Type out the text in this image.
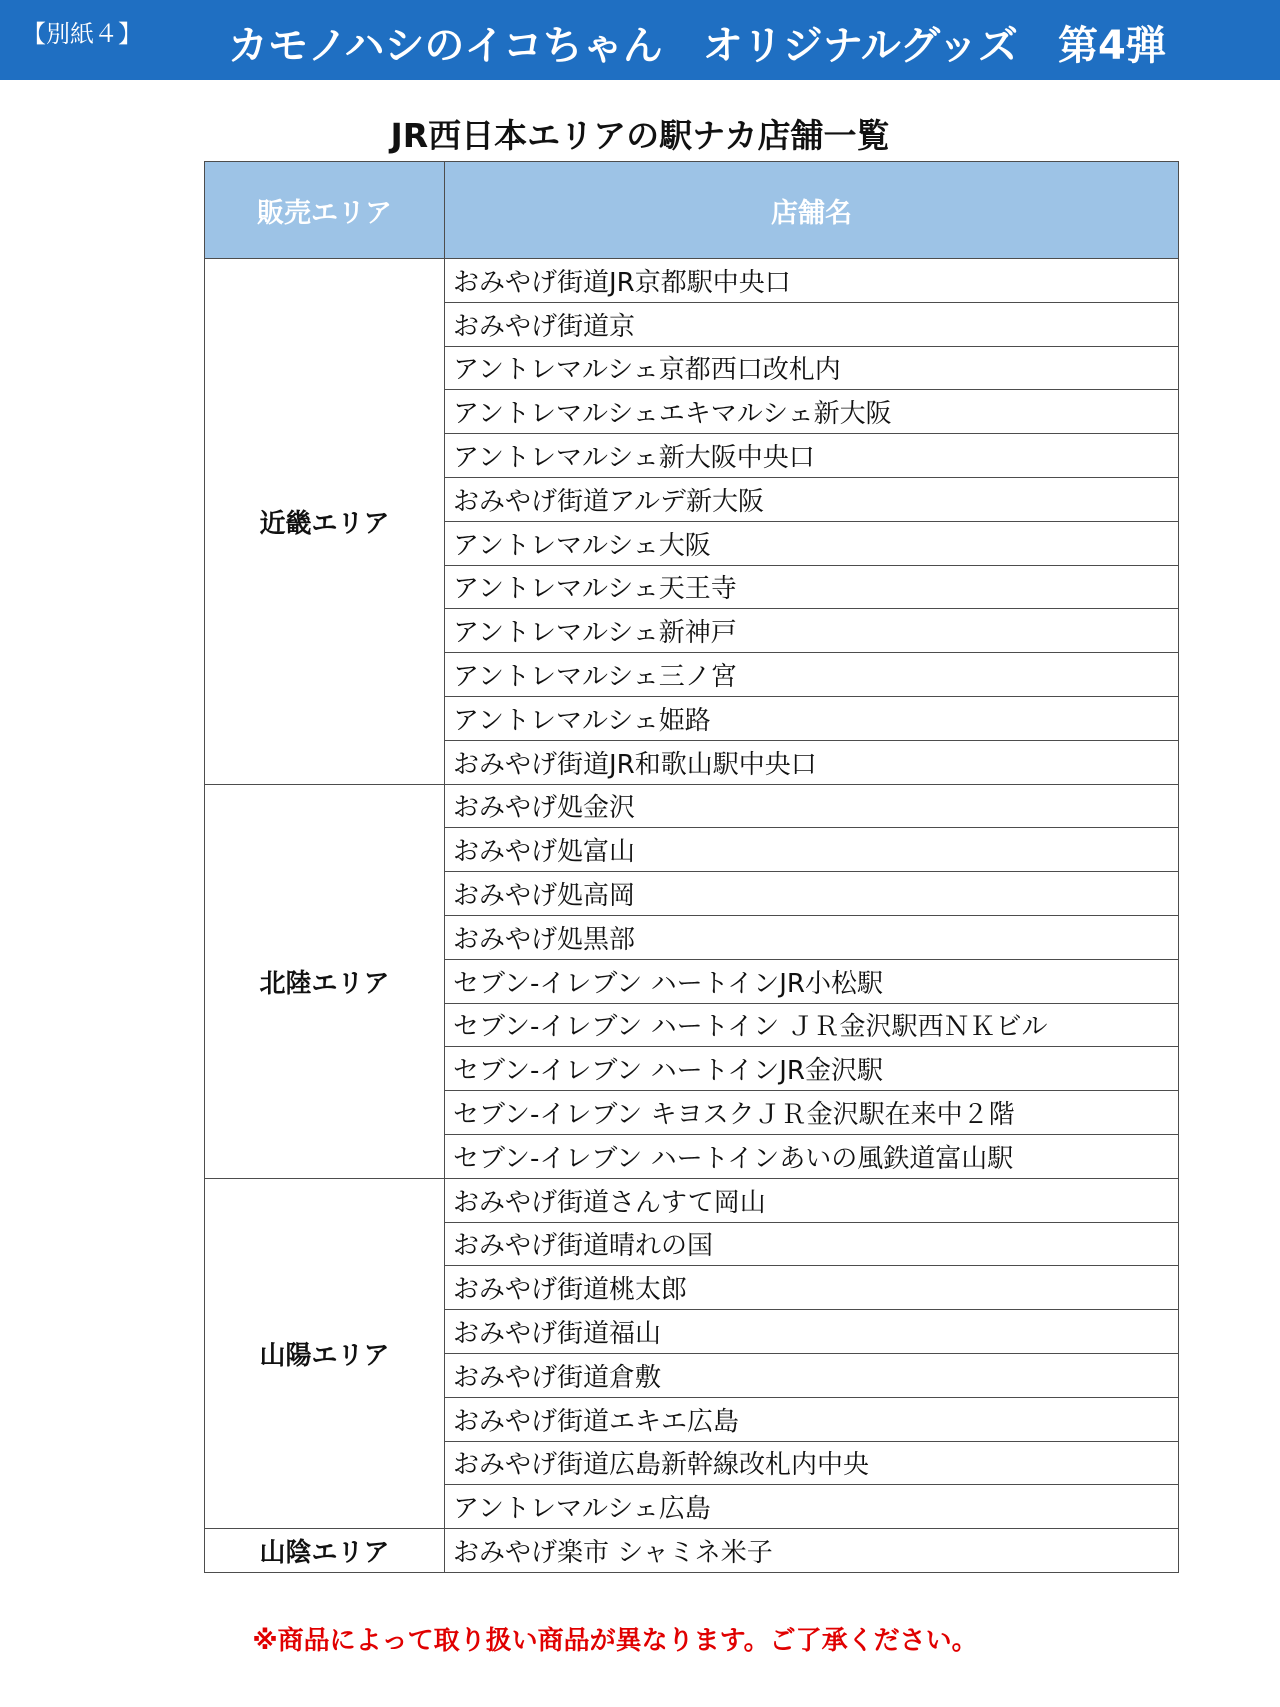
【別紙４】 カモノハシのイコちゃん　オリジナルグッズ　第4弾
JR西日本エリアの駅ナカ店舗一覧
販売エリア	店舗名
近畿エリア	おみやげ街道JR京都駅中央口
	おみやげ街道京
	アントレマルシェ京都西口改札内
	アントレマルシェエキマルシェ新大阪
	アントレマルシェ新大阪中央口
	おみやげ街道アルデ新大阪
	アントレマルシェ大阪
	アントレマルシェ天王寺
	アントレマルシェ新神戸
	アントレマルシェ三ノ宮
	アントレマルシェ姫路
	おみやげ街道JR和歌山駅中央口
北陸エリア	おみやげ処金沢
	おみやげ処富山
	おみやげ処高岡
	おみやげ処黒部
	セブン-イレブン ハートインJR小松駅
	セブン-イレブン ハートイン ＪＲ金沢駅西ＮＫビル
	セブン-イレブン ハートインJR金沢駅
	セブン-イレブン キヨスクＪＲ金沢駅在来中２階
	セブン-イレブン ハートインあいの風鉄道富山駅
山陽エリア	おみやげ街道さんすて岡山
	おみやげ街道晴れの国
	おみやげ街道桃太郎
	おみやげ街道福山
	おみやげ街道倉敷
	おみやげ街道エキエ広島
	おみやげ街道広島新幹線改札内中央
	アントレマルシェ広島
山陰エリア	おみやげ楽市 シャミネ米子
※商品によって取り扱い商品が異なります。ご了承ください。
